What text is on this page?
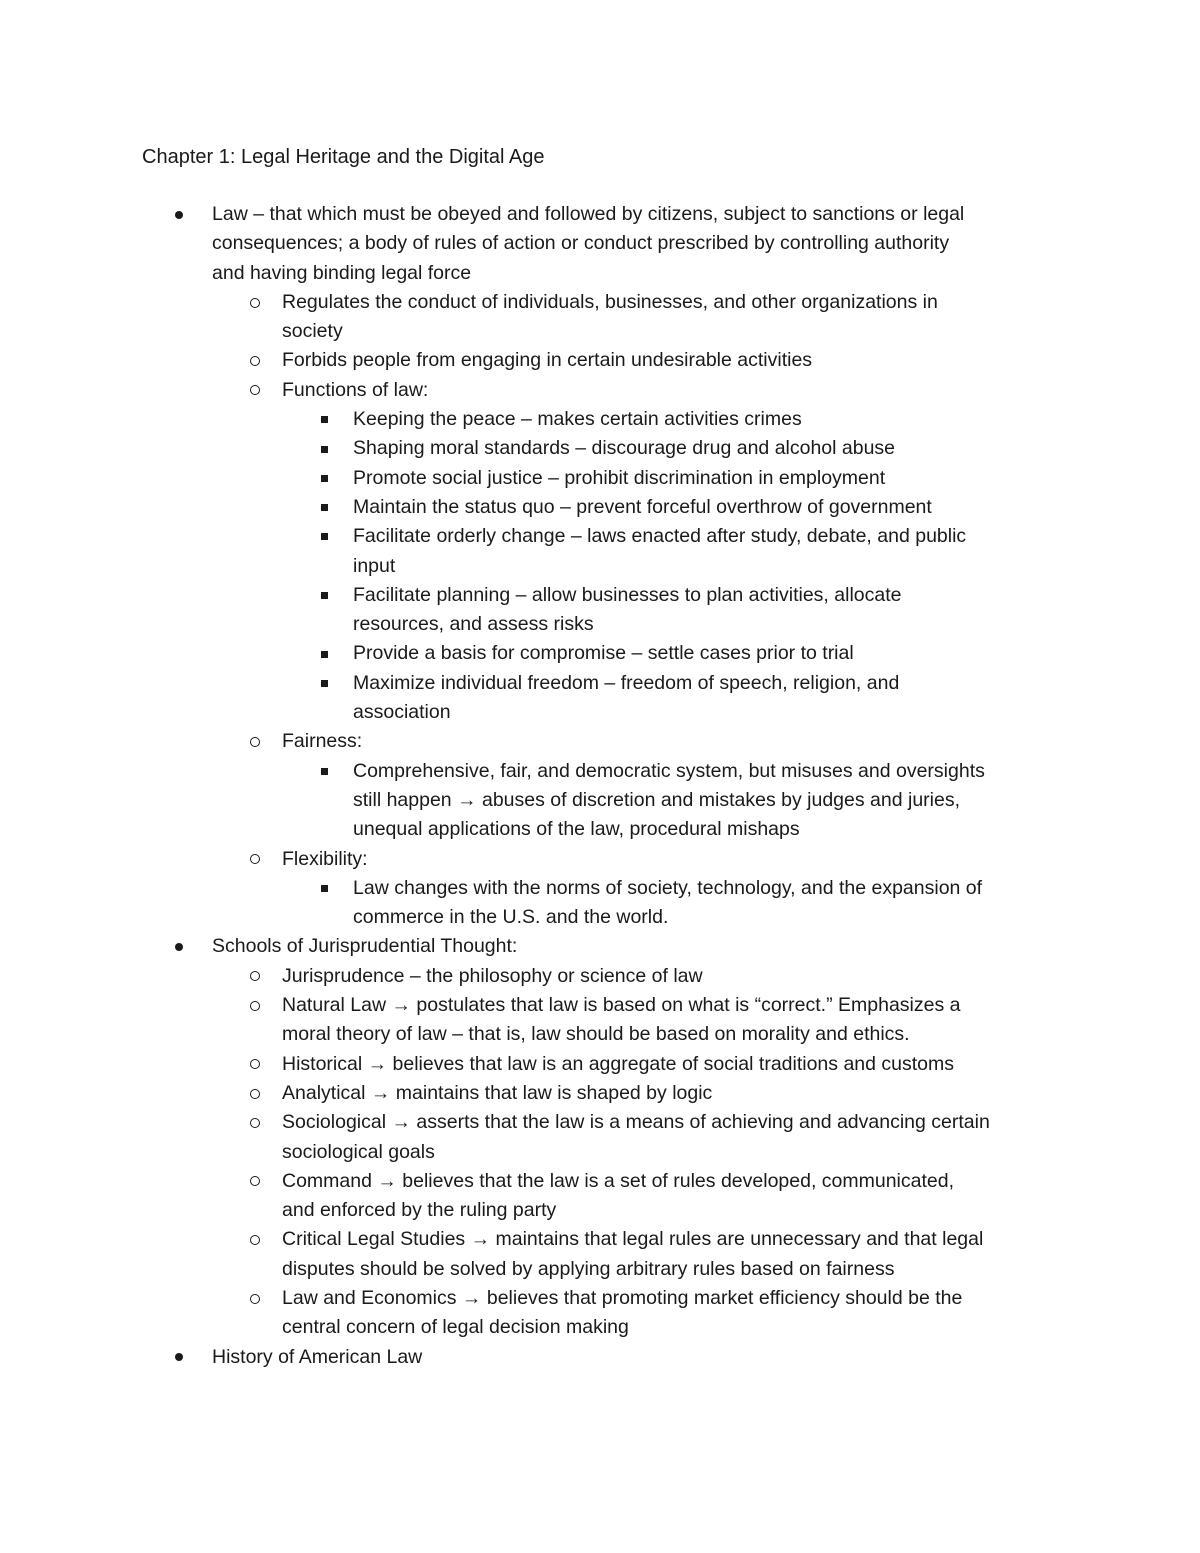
Chapter 1: Legal Heritage and the Digital Age
Law – that which must be obeyed and followed by citizens, subject to sanctions or legal
consequences; a body of rules of action or conduct prescribed by controlling authority
and having binding legal force
Regulates the conduct of individuals, businesses, and other organizations in
society
Forbids people from engaging in certain undesirable activities
Functions of law:
Keeping the peace – makes certain activities crimes
Shaping moral standards – discourage drug and alcohol abuse
Promote social justice – prohibit discrimination in employment
Maintain the status quo – prevent forceful overthrow of government
Facilitate orderly change – laws enacted after study, debate, and public
input
Facilitate planning – allow businesses to plan activities, allocate
resources, and assess risks
Provide a basis for compromise – settle cases prior to trial
Maximize individual freedom – freedom of speech, religion, and
association
Fairness:
Comprehensive, fair, and democratic system, but misuses and oversights
still happen → abuses of discretion and mistakes by judges and juries,
unequal applications of the law, procedural mishaps
Flexibility:
Law changes with the norms of society, technology, and the expansion of
commerce in the U.S. and the world.
Schools of Jurisprudential Thought:
Jurisprudence – the philosophy or science of law
Natural Law → postulates that law is based on what is “correct.” Emphasizes a
moral theory of law – that is, law should be based on morality and ethics.
Historical → believes that law is an aggregate of social traditions and customs
Analytical → maintains that law is shaped by logic
Sociological → asserts that the law is a means of achieving and advancing certain
sociological goals
Command → believes that the law is a set of rules developed, communicated,
and enforced by the ruling party
Critical Legal Studies → maintains that legal rules are unnecessary and that legal
disputes should be solved by applying arbitrary rules based on fairness
Law and Economics → believes that promoting market efficiency should be the
central concern of legal decision making
History of American Law
